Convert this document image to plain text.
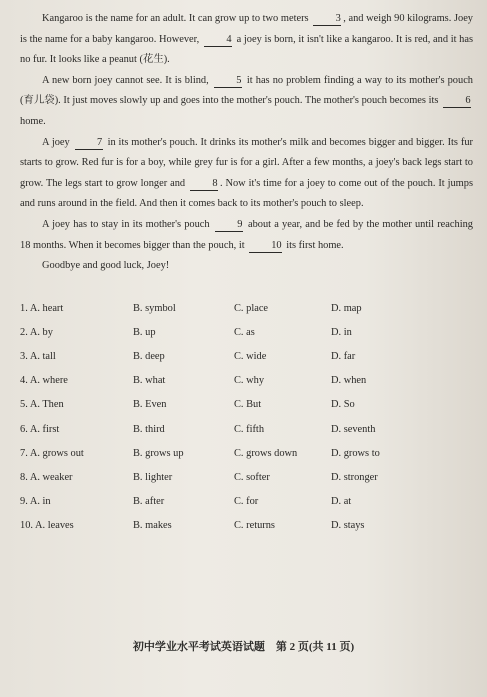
Kangaroo is the name for an adult. It can grow up to two meters 3 , and weigh 90 kilograms. Joey is the name for a baby kangaroo. However, 4 a joey is born, it isn't like a kangaroo. It is red, and it has no fur. It looks like a peanut (花生).

A new born joey cannot see. It is blind, 5 it has no problem finding a way to its mother's pouch (育儿袋). It just moves slowly up and goes into the mother's pouch. The mother's pouch becomes its 6 home.

A joey 7 in its mother's pouch. It drinks its mother's milk and becomes bigger and bigger. Its fur starts to grow. Red fur is for a boy, while grey fur is for a girl. After a few months, a joey's back legs start to grow. The legs start to grow longer and 8 . Now it's time for a joey to come out of the pouch. It jumps and runs around in the field. And then it comes back to its mother's pouch to sleep.

A joey has to stay in its mother's pouch 9 about a year, and be fed by the mother until reaching 18 months. When it becomes bigger than the pouch, it 10 its first home.

Goodbye and good luck, Joey!

1. A. heart	B. symbol	C. place	D. map
2. A. by	B. up	C. as	D. in
3. A. tall	B. deep	C. wide	D. far
4. A. where	B. what	C. why	D. when
5. A. Then	B. Even	C. But	D. So
6. A. first	B. third	C. fifth	D. seventh
7. A. grows out	B. grows up	C. grows down	D. grows to
8. A. weaker	B. lighter	C. softer	D. stronger
9. A. in	B. after	C. for	D. at
10. A. leaves	B. makes	C. returns	D. stays
初中学业水平考试英语试题　第 2 页(共 11 页)
